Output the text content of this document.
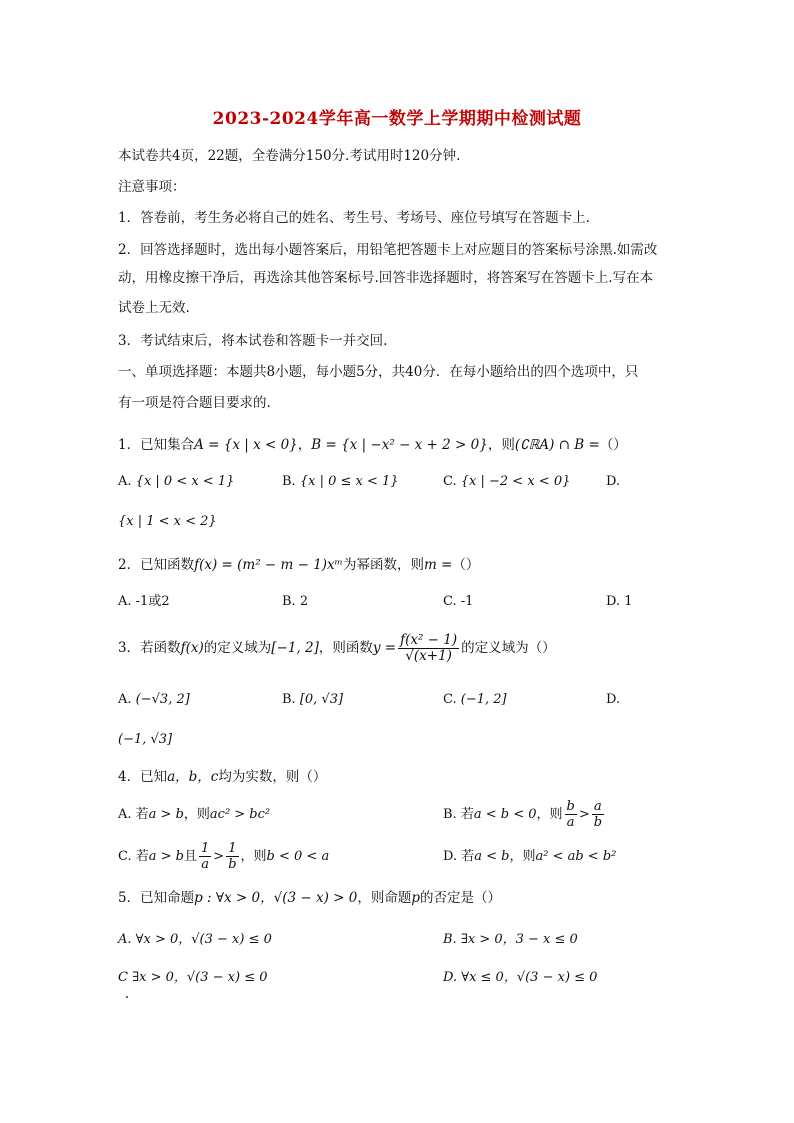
2023-2024学年高一数学上学期期中检测试题
本试卷共4页，22题，全卷满分150分.考试用时120分钟.
注意事项：
1．答卷前，考生务必将自己的姓名、考生号、考场号、座位号填写在答题卡上.
2．回答选择题时，选出每小题答案后，用铅笔把答题卡上对应题目的答案标号涂黑.如需改
动，用橡皮擦干净后，再选涂其他答案标号.回答非选择题时，将答案写在答题卡上.写在本
试卷上无效.
3．考试结束后，将本试卷和答题卡一并交回.
一、单项选择题：本题共8小题，每小题5分，共40分．在每小题给出的四个选项中，只
有一项是符合题目要求的.
1．已知集合A = {x | x < 0}，B = {x | −x² − x + 2 > 0}，则(∁ℝA) ∩ B =（）
A. {x | 0 < x < 1}	B. {x | 0 ≤ x < 1}	C. {x | −2 < x < 0}	D.
{x | 1 < x < 2}
2．已知函数f(x) = (m² − m − 1)xᵐ为幂函数，则m =（）
A. -1或2	B. 2	C. -1	D. 1
3．若函数f(x)的定义域为[−1, 2]，则函数$y = \frac{\text{f(x² − 1)}}{√(x+1)}$ 的定义域为（）
A. (−√3, 2]	B. [0, √3]	C. (−1, 2]	D.
(−1, √3]
4．已知a，b，c均为实数，则（）
A. 若a > b，则ac² > bc²	B. 若a < b < 0，则 $\frac{b}{a} > \frac{a}{b}$
C. 若a > b且 $\frac{1}{a} > \frac{1}{b}$ ，则b < 0 < a	D. 若a < b，则a² < ab < b²
5．已知命题p : ∀x > 0，√(3 − x) > 0，则命题p的否定是（）
A. ∀x > 0，√(3 − x) ≤ 0	B. ∃x > 0，3 − x ≤ 0
C ∃x > 0，√(3 − x) ≤ 0	D. ∀x ≤ 0，√(3 − x) ≤ 0
